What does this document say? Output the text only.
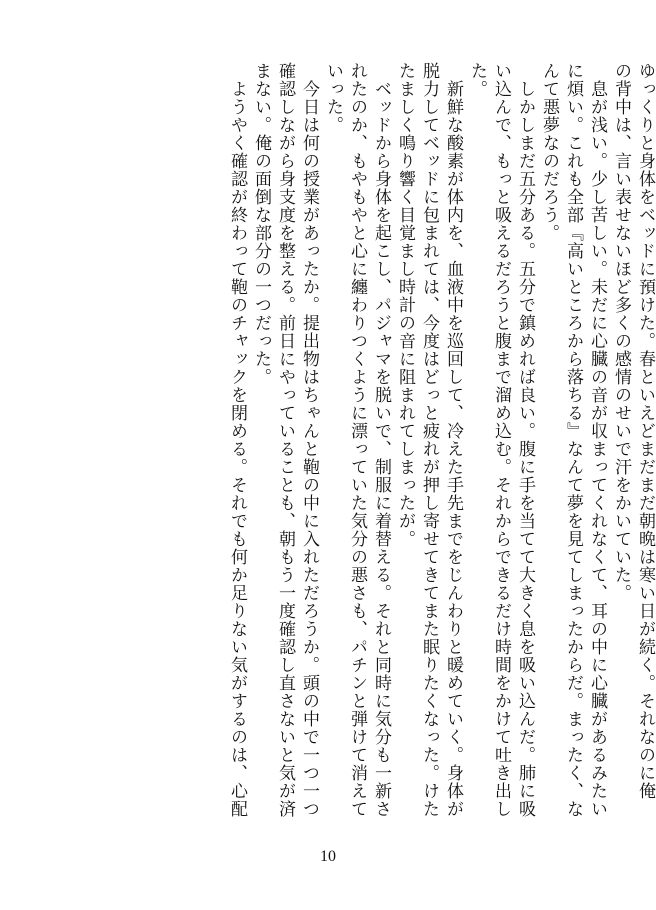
ゆっくりと身体をベッドに預けた。春といえどまだまだ朝晩は寒い日が続く。それなのに俺
の背中は、言い表せないほど多くの感情のせいで汗をかいていた。
　息が浅い。少し苦しい。未だに心臓の音が収まってくれなくて、耳の中に心臓があるみたい
に煩い。これも全部『高いところから落ちる』なんて夢を見てしまったからだ。まったく、な
んて悪夢なのだろう。
　しかしまだ五分ある。五分で鎮めれば良い。腹に手を当てて大きく息を吸い込んだ。肺に吸
い込んで、もっと吸えるだろうと腹まで溜め込む。それからできるだけ時間をかけて吐き出し
た。
　新鮮な酸素が体内を、血液中を巡回して、冷えた手先までをじんわりと暖めていく。身体が
脱力してベッドに包まれては、今度はどっと疲れが押し寄せてきてまた眠りたくなった。けた
たましく鳴り響く目覚まし時計の音に阻まれてしまったが。
　ベッドから身体を起こし、パジャマを脱いで、制服に着替える。それと同時に気分も一新さ
れたのか、もやもやと心に纏わりつくように漂っていた気分の悪さも、パチンと弾けて消えて
いった。
　今日は何の授業があったか。提出物はちゃんと鞄の中に入れただろうか。頭の中で一つ一つ
確認しながら身支度を整える。前日にやっていることも、朝もう一度確認し直さないと気が済
まない。俺の面倒な部分の一つだった。
　ようやく確認が終わって鞄のチャックを閉める。それでも何か足りない気がするのは、心配
10
